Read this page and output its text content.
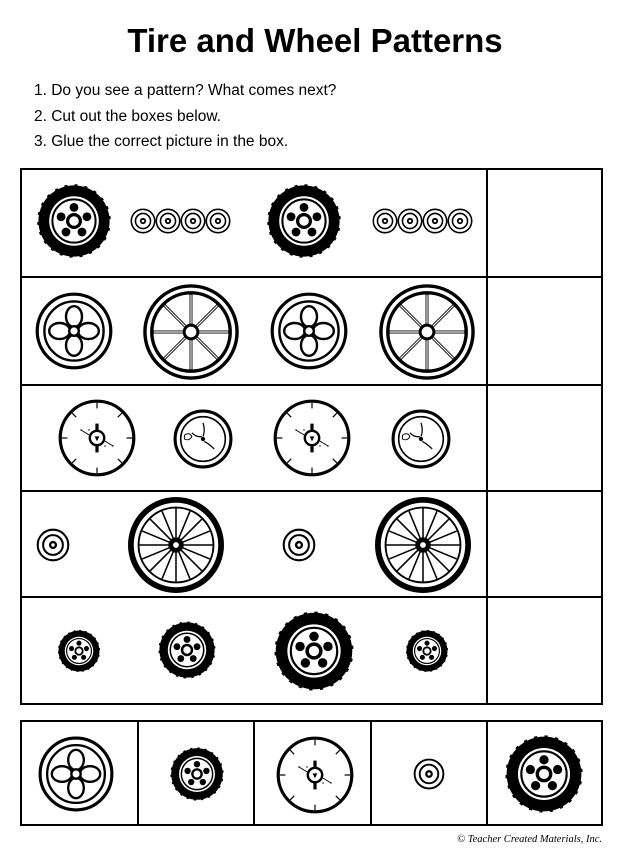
Tire and Wheel Patterns
1. Do you see a pattern? What comes next?
2. Cut out the boxes below.
3. Glue the correct picture in the box.
© Teacher Created Materials, Inc.
